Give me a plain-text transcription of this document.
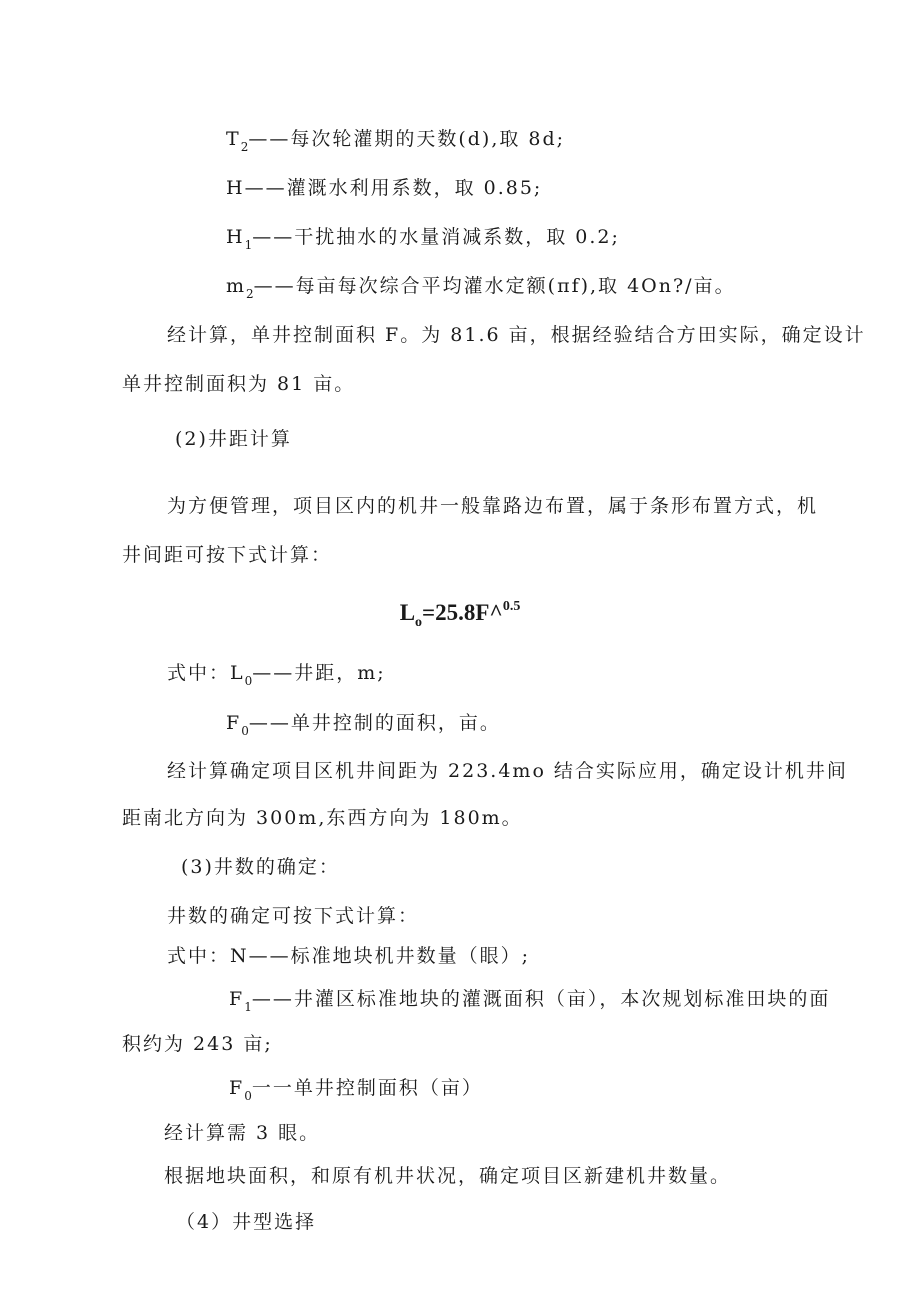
$T_2——$每次轮灌期的天数(d),取 8d;
H——灌溉水利用系数，取 0.85;
$H_1——$干扰抽水的水量消减系数，取 0.2;
$m_2——$每亩每次综合平均灌水定额(πf),取 4On?/亩。
经计算，单井控制面积 F。为 81.6 亩，根据经验结合方田实际，确定设计
单井控制面积为 81 亩。
(2)井距计算
为方便管理，项目区内的机井一般靠路边布置，属于条形布置方式，机
井间距可按下式计算：
$L_o=25.8F\^{}^{0.5}$
式中：$L_0——$井距，m;
$F_0——$单井控制的面积，亩。
经计算确定项目区机井间距为 223.4mo 结合实际应用，确定设计机井间
距南北方向为 300m,东西方向为 180m。
(3)井数的确定：
井数的确定可按下式计算：
式中：N——标准地块机井数量（眼）;
$F_1——$井灌区标准地块的灌溉面积（亩），本次规划标准田块的面
积约为 243 亩;
$F_0$一一单井控制面积（亩）
经计算需 3 眼。
根据地块面积，和原有机井状况，确定项目区新建机井数量。
（4）井型选择
